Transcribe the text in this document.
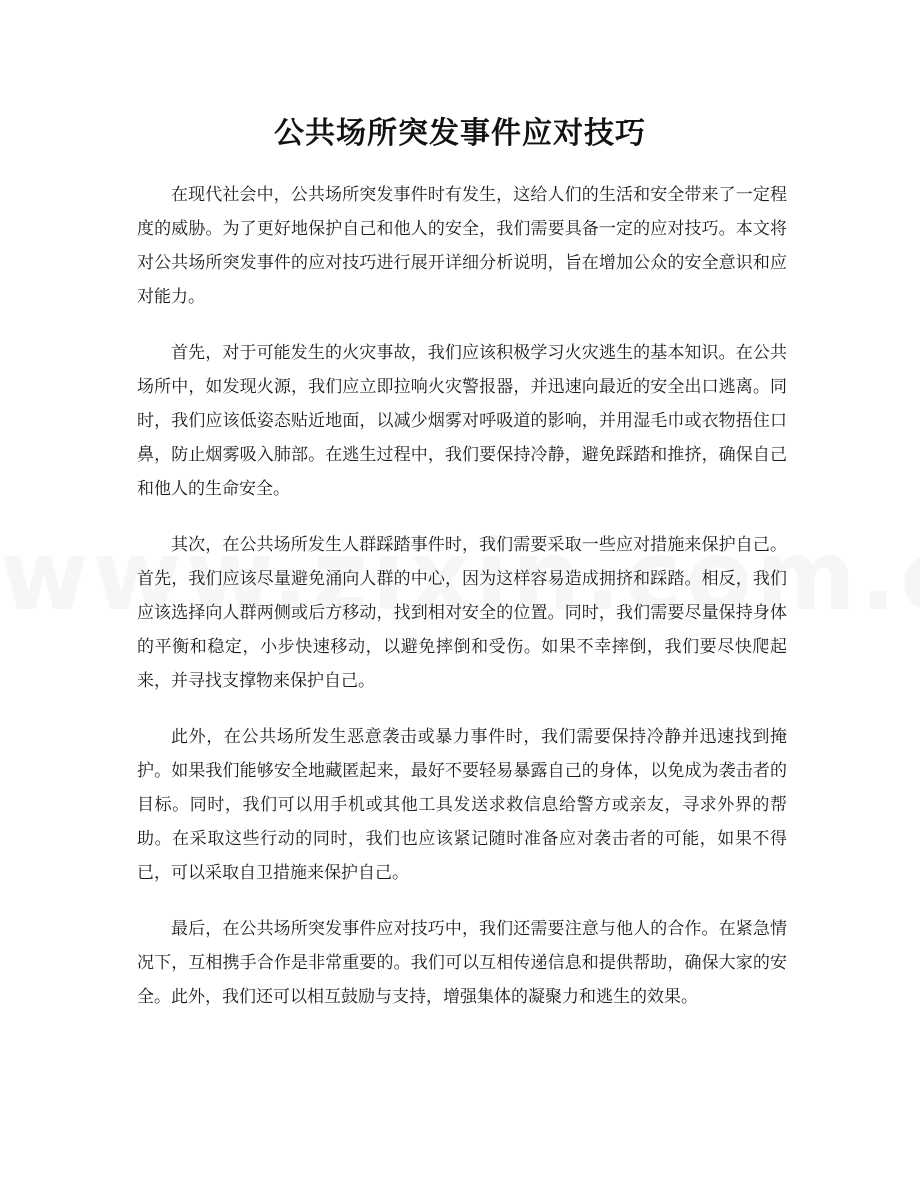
公共场所突发事件应对技巧

在现代社会中，公共场所突发事件时有发生，这给人们的生活和安全带来了一定程度的威胁。为了更好地保护自己和他人的安全，我们需要具备一定的应对技巧。本文将对公共场所突发事件的应对技巧进行展开详细分析说明，旨在增加公众的安全意识和应对能力。

首先，对于可能发生的火灾事故，我们应该积极学习火灾逃生的基本知识。在公共场所中，如发现火源，我们应立即拉响火灾警报器，并迅速向最近的安全出口逃离。同时，我们应该低姿态贴近地面，以减少烟雾对呼吸道的影响，并用湿毛巾或衣物捂住口鼻，防止烟雾吸入肺部。在逃生过程中，我们要保持冷静，避免踩踏和推挤，确保自己和他人的生命安全。

其次，在公共场所发生人群踩踏事件时，我们需要采取一些应对措施来保护自己。首先，我们应该尽量避免涌向人群的中心，因为这样容易造成拥挤和踩踏。相反，我们应该选择向人群两侧或后方移动，找到相对安全的位置。同时，我们需要尽量保持身体的平衡和稳定，小步快速移动，以避免摔倒和受伤。如果不幸摔倒，我们要尽快爬起来，并寻找支撑物来保护自己。

此外，在公共场所发生恶意袭击或暴力事件时，我们需要保持冷静并迅速找到掩护。如果我们能够安全地藏匿起来，最好不要轻易暴露自己的身体，以免成为袭击者的目标。同时，我们可以用手机或其他工具发送求救信息给警方或亲友，寻求外界的帮助。在采取这些行动的同时，我们也应该紧记随时准备应对袭击者的可能，如果不得已，可以采取自卫措施来保护自己。

最后，在公共场所突发事件应对技巧中，我们还需要注意与他人的合作。在紧急情况下，互相携手合作是非常重要的。我们可以互相传递信息和提供帮助，确保大家的安全。此外，我们还可以相互鼓励与支持，增强集体的凝聚力和逃生的效果。
